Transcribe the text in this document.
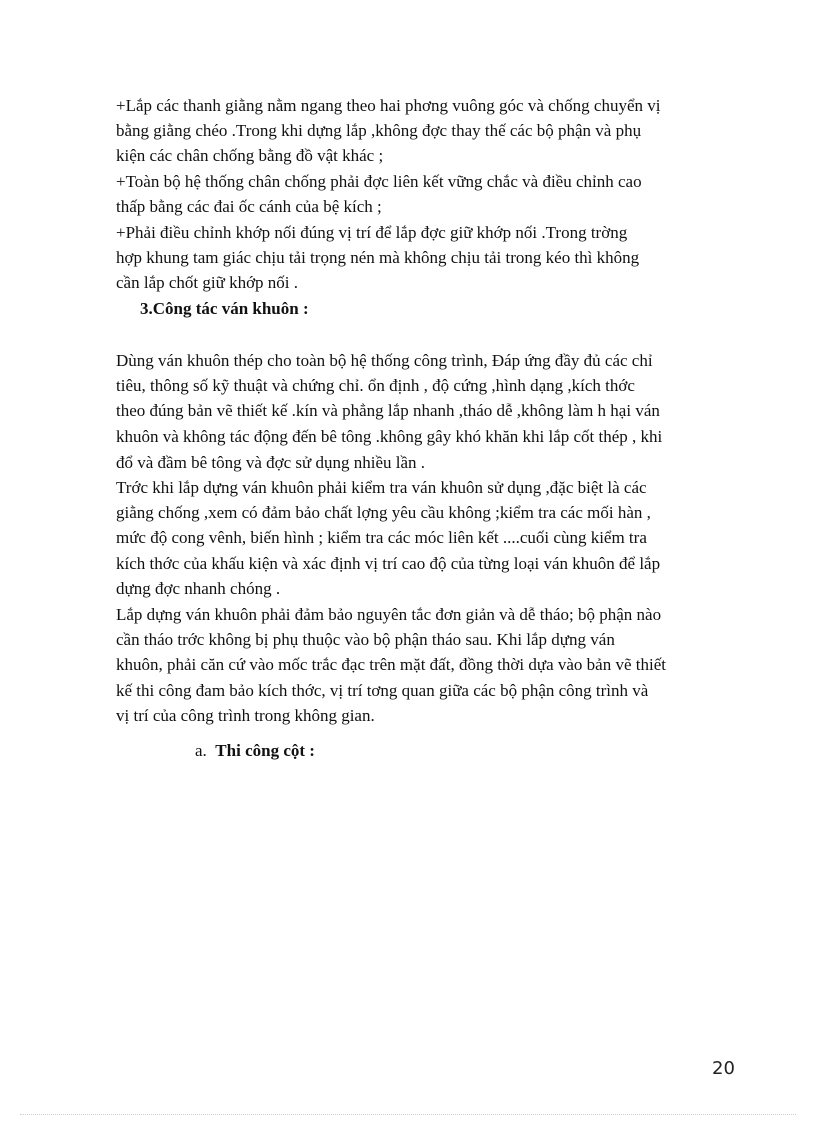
+Lắp các thanh giằng nằm ngang theo hai phơng vuông góc và chống chuyển vị
bằng giằng chéo .Trong khi dựng lắp ,không đợc thay thế các bộ phận và phụ
kiện các chân chống bằng đồ vật khác ;
+Toàn bộ hệ thống chân chống phải đợc liên kết vững chắc và điều chỉnh cao
thấp bằng các đai ốc cánh của bệ kích ;
+Phải điều chỉnh khớp nối đúng vị trí để lắp đợc giữ khớp nối .Trong trờng
hợp khung tam giác chịu tải trọng nén mà không chịu tải trong kéo thì không
cần lắp chốt giữ khớp nối .
3.Công tác ván khuôn :
Dùng ván khuôn thép cho toàn bộ hệ thống công trình, Đáp ứng đầy đủ các chỉ
tiêu, thông số kỹ thuật và chứng chỉ. ổn định , độ cứng ,hình dạng ,kích thớc
theo đúng bản vẽ thiết kế .kín và phẳng lắp nhanh ,tháo dễ ,không làm h hại ván
khuôn và không tác động đến bê tông .không gây khó khăn khi lắp cốt thép , khi
đổ và đầm bê tông và đợc sử dụng nhiều lần .
Trớc khi lắp dựng ván khuôn phải kiểm tra ván khuôn sử dụng ,đặc biệt là các
giằng chống ,xem có đảm bảo chất lợng yêu cầu không ;kiểm tra các mối hàn ,
mức độ cong vênh, biến hình ; kiểm tra các móc liên kết ....cuối cùng kiểm tra
kích thớc của khấu kiện và xác định vị trí cao độ của từng loại ván khuôn để lắp
dựng đợc nhanh chóng .
Lắp dựng ván khuôn phải đảm bảo nguyên tắc đơn giản và dễ tháo; bộ phận nào
cần tháo trớc không bị phụ thuộc vào bộ phận tháo sau. Khi lắp dựng ván
khuôn, phải căn cứ vào mốc trắc đạc trên mặt đất, đồng thời dựa vào bản vẽ thiết
kế thi công đam bảo kích thớc, vị trí tơng quan giữa các bộ phận công trình và
vị trí của công trình trong không gian.
a. Thi công cột :
20
